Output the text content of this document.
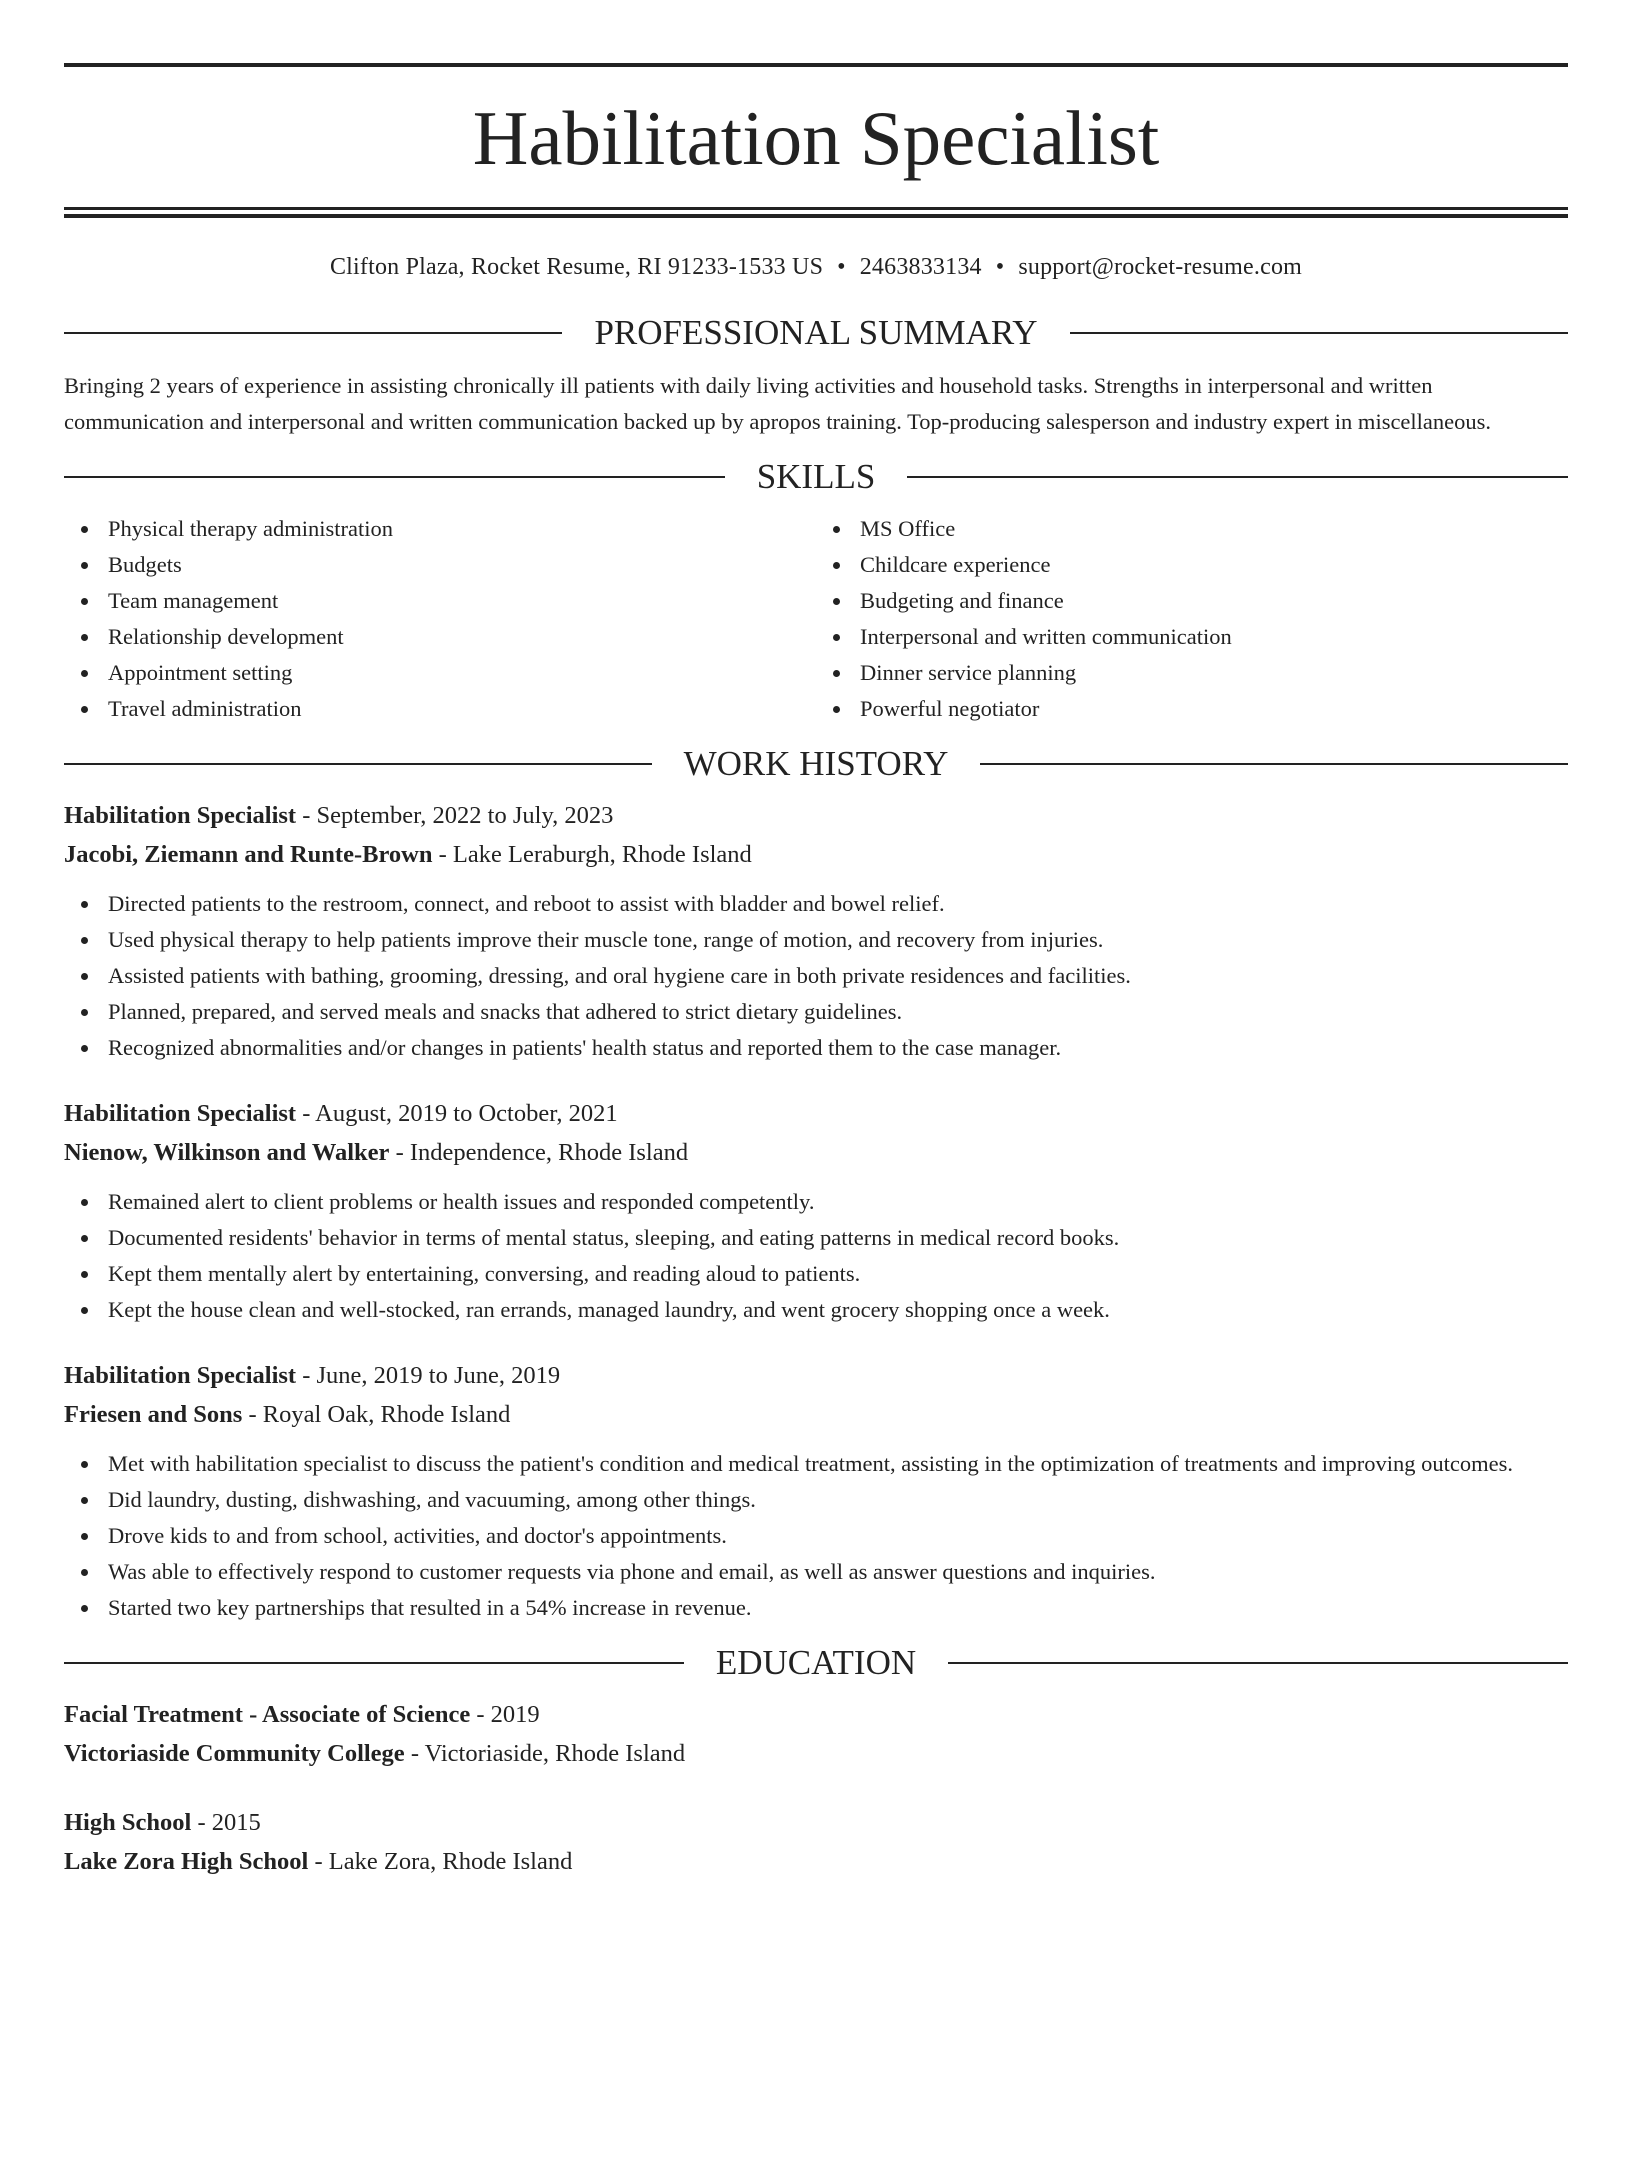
Habilitation Specialist
Clifton Plaza, Rocket Resume, RI 91233-1533 US • 2463833134 • support@rocket-resume.com
PROFESSIONAL SUMMARY

Bringing 2 years of experience in assisting chronically ill patients with daily living activities and household tasks. Strengths in interpersonal and written communication and interpersonal and written communication backed up by apropos training. Top-producing salesperson and industry expert in miscellaneous.

SKILLS
Physical therapy administration
Budgets
Team management
Relationship development
Appointment setting
Travel administration
MS Office
Childcare experience
Budgeting and finance
Interpersonal and written communication
Dinner service planning
Powerful negotiator
WORK HISTORY
Habilitation Specialist - September, 2022 to July, 2023
Jacobi, Ziemann and Runte-Brown - Lake Leraburgh, Rhode Island
Directed patients to the restroom, connect, and reboot to assist with bladder and bowel relief.
Used physical therapy to help patients improve their muscle tone, range of motion, and recovery from injuries.
Assisted patients with bathing, grooming, dressing, and oral hygiene care in both private residences and facilities.
Planned, prepared, and served meals and snacks that adhered to strict dietary guidelines.
Recognized abnormalities and/or changes in patients' health status and reported them to the case manager.
Habilitation Specialist - August, 2019 to October, 2021
Nienow, Wilkinson and Walker - Independence, Rhode Island
Remained alert to client problems or health issues and responded competently.
Documented residents' behavior in terms of mental status, sleeping, and eating patterns in medical record books.
Kept them mentally alert by entertaining, conversing, and reading aloud to patients.
Kept the house clean and well-stocked, ran errands, managed laundry, and went grocery shopping once a week.
Habilitation Specialist - June, 2019 to June, 2019
Friesen and Sons - Royal Oak, Rhode Island
Met with habilitation specialist to discuss the patient's condition and medical treatment, assisting in the optimization of treatments and improving outcomes.
Did laundry, dusting, dishwashing, and vacuuming, among other things.
Drove kids to and from school, activities, and doctor's appointments.
Was able to effectively respond to customer requests via phone and email, as well as answer questions and inquiries.
Started two key partnerships that resulted in a 54% increase in revenue.
EDUCATION
Facial Treatment - Associate of Science - 2019
Victoriaside Community College - Victoriaside, Rhode Island
High School - 2015
Lake Zora High School - Lake Zora, Rhode Island
